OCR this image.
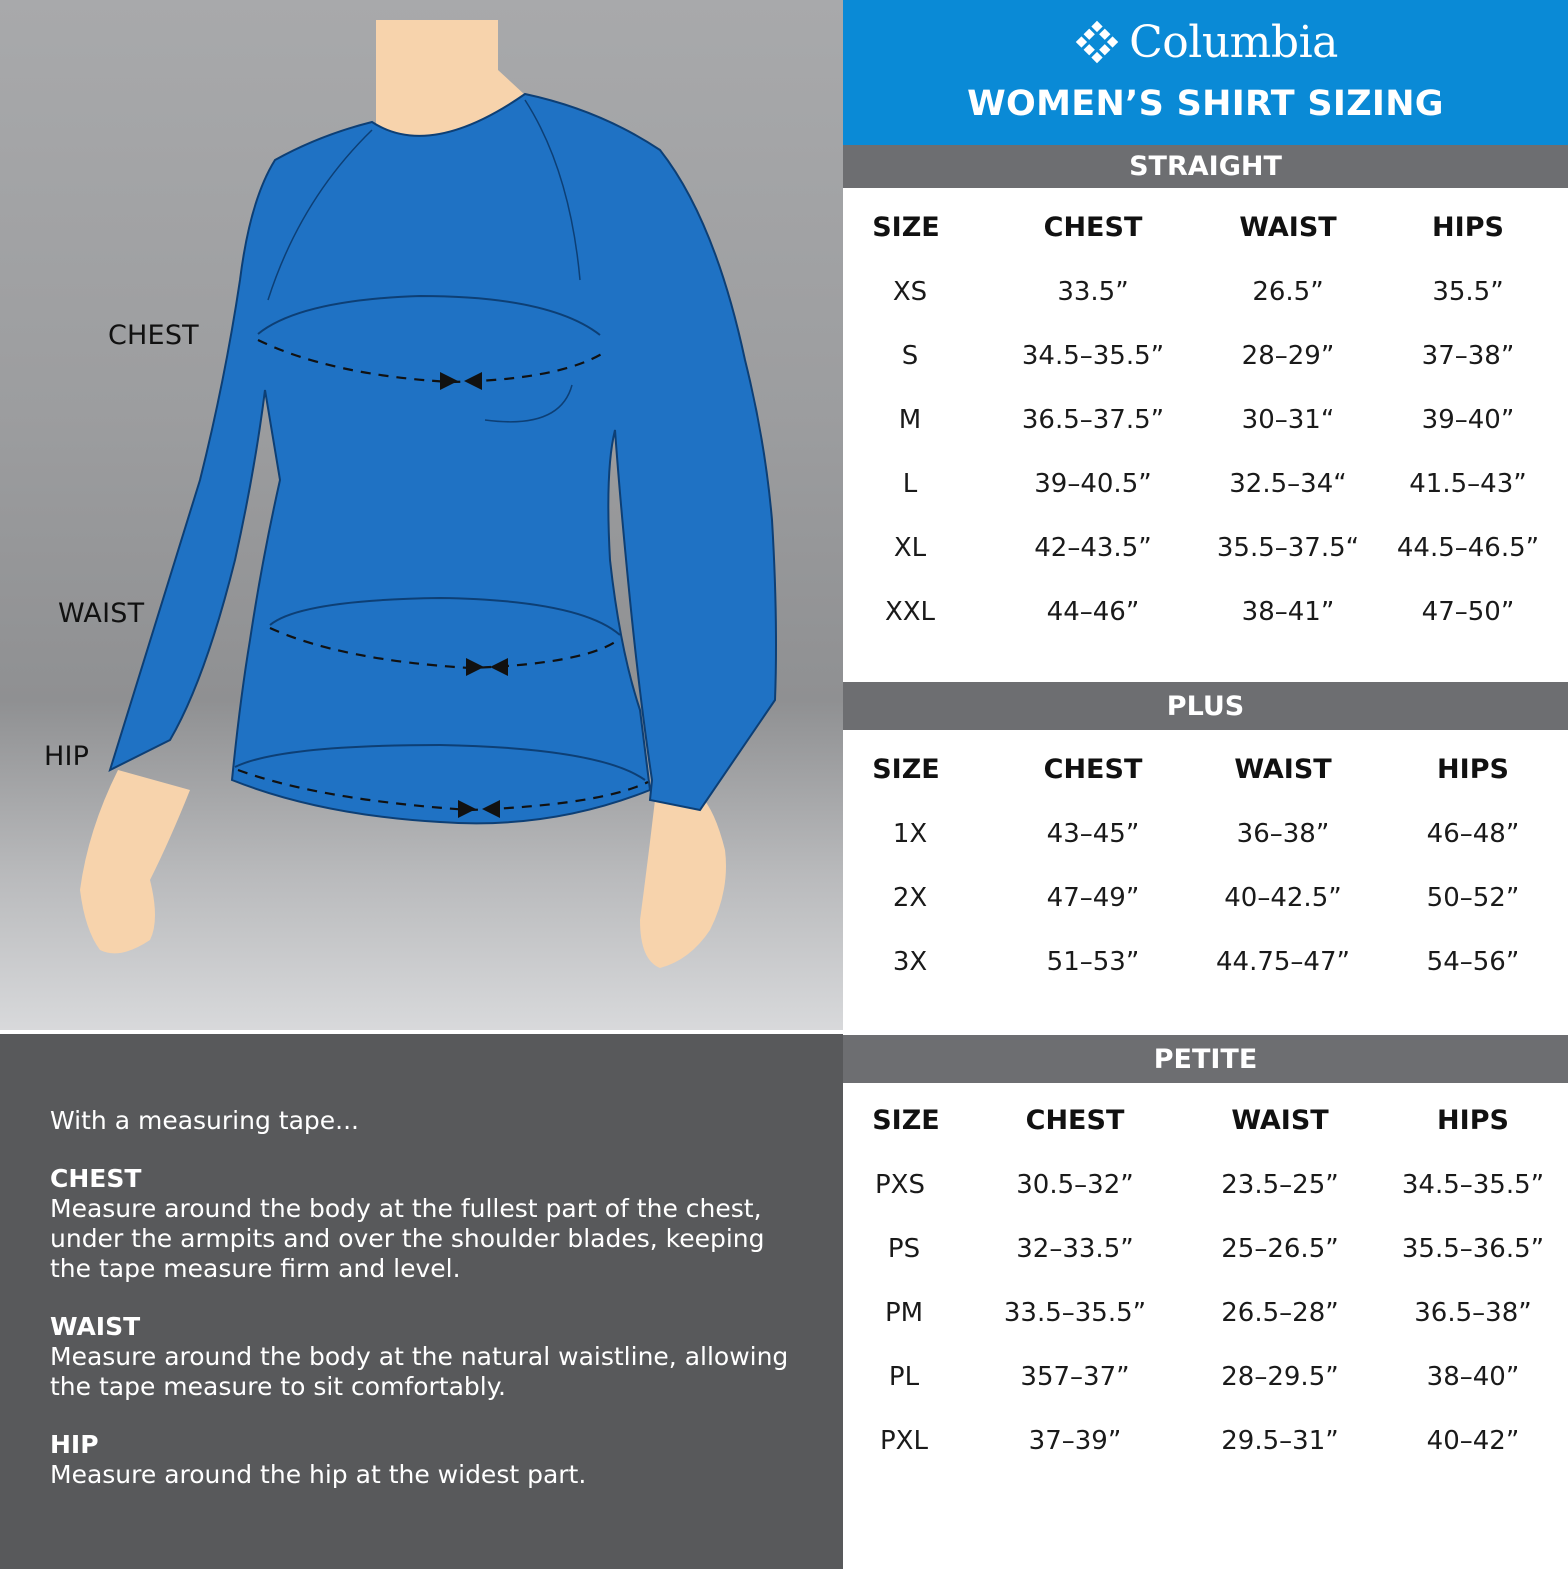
CHEST
WAIST
HIP
With a measuring tape...
CHEST
Measure around the body at the fullest part of the chest, under the armpits and over the shoulder blades, keeping the tape measure firm and level.
WAIST
Measure around the body at the natural waistline, allowing the tape measure to sit comfortably.
HIP
Measure around the hip at the widest part.
Columbia
WOMEN’S SHIRT SIZING
STRAIGHT
SIZE	CHEST	WAIST	HIPS
XS	33.5”	26.5”	35.5”
S	34.5–35.5”	28–29”	37–38”
M	36.5–37.5”	30–31“	39–40”
L	39–40.5”	32.5–34“	41.5–43”
XL	42–43.5”	35.5–37.5“	44.5–46.5”
XXL	44–46”	38–41”	47–50”
PLUS
SIZE	CHEST	WAIST	HIPS
1X	43–45”	36–38”	46–48”
2X	47–49”	40–42.5”	50–52”
3X	51–53”	44.75–47”	54–56”
PETITE
SIZE	CHEST	WAIST	HIPS
PXS	30.5–32”	23.5–25”	34.5–35.5”
PS	32–33.5”	25–26.5”	35.5–36.5”
PM	33.5–35.5”	26.5–28”	36.5–38”
PL	357–37”	28–29.5”	38–40”
PXL	37–39”	29.5–31”	40–42”
